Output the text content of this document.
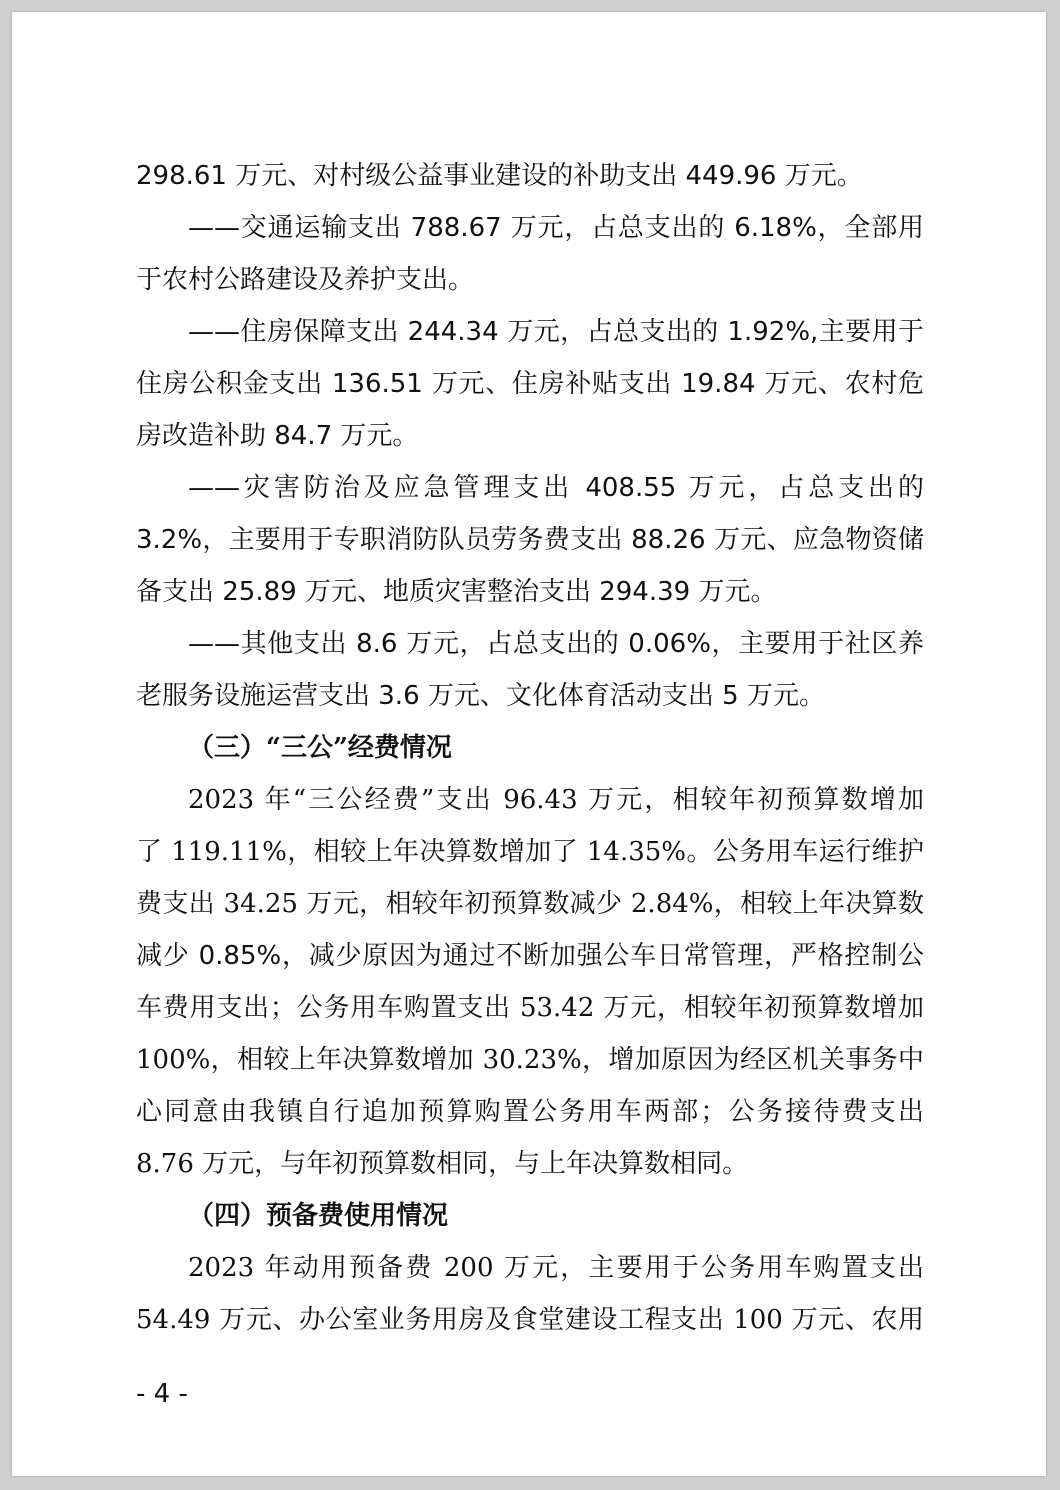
298.61 万元、对村级公益事业建设的补助支出 449.96 万元。
——交通运输支出 788.67 万元，占总支出的 6.18%，全部用
于农村公路建设及养护支出。
——住房保障支出 244.34 万元，占总支出的 1.92%,主要用于
住房公积金支出 136.51 万元、住房补贴支出 19.84 万元、农村危
房改造补助 84.7 万元。
——灾害防治及应急管理支出 408.55 万元，占总支出的
3.2%，主要用于专职消防队员劳务费支出 88.26 万元、应急物资储
备支出 25.89 万元、地质灾害整治支出 294.39 万元。
——其他支出 8.6 万元，占总支出的 0.06%，主要用于社区养
老服务设施运营支出 3.6 万元、文化体育活动支出 5 万元。
（三）“三公”经费情况
2023 年“三公经费”支出 96.43 万元，相较年初预算数增加
了 119.11%，相较上年决算数增加了 14.35%。公务用车运行维护
费支出 34.25 万元，相较年初预算数减少 2.84%，相较上年决算数
减少 0.85%，减少原因为通过不断加强公车日常管理，严格控制公
车费用支出；公务用车购置支出 53.42 万元，相较年初预算数增加
100%，相较上年决算数增加 30.23%，增加原因为经区机关事务中
心同意由我镇自行追加预算购置公务用车两部；公务接待费支出
8.76 万元，与年初预算数相同，与上年决算数相同。
（四）预备费使用情况
2023 年动用预备费 200 万元，主要用于公务用车购置支出
54.49 万元、办公室业务用房及食堂建设工程支出 100 万元、农用
- 4 -
